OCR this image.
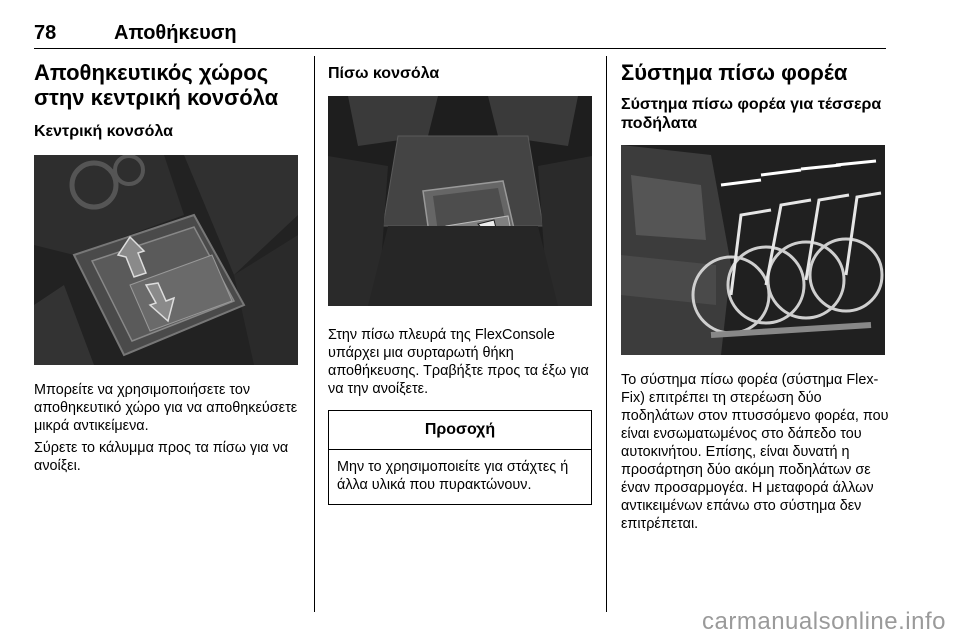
78	Αποθήκευση
Αποθηκευτικός χώρος στην κεντρική κονσόλα
Κεντρική κονσόλα

Μπορείτε να χρησιμοποιήσετε τον αποθηκευτικό χώρο για να αποθηκεύσετε μικρά αντικείμενα.

Σύρετε το κάλυμμα προς τα πίσω για να ανοίξει.

Πίσω κονσόλα

Στην πίσω πλευρά της FlexConsole υπάρχει μια συρταρωτή θήκη αποθήκευσης. Τραβήξτε προς τα έξω για να την ανοίξετε.

Προσοχή

Μην το χρησιμοποιείτε για στάχτες ή άλλα υλικά που πυρακτώνουν.

Σύστημα πίσω φορέα
Σύστημα πίσω φορέα για τέσσερα ποδήλατα

Το σύστημα πίσω φορέα (σύστημα Flex-Fix) επιτρέπει τη στερέωση δύο ποδηλάτων στον πτυσσόμενο φορέα, που είναι ενσωματωμένος στο δάπεδο του αυτοκινήτου. Επίσης, είναι δυνατή η προσάρτηση δύο ακόμη ποδηλάτων σε έναν προσαρμογέα. Η μεταφορά άλλων αντικειμένων επάνω στο σύστημα δεν επιτρέπεται.

carmanualsonline.info
